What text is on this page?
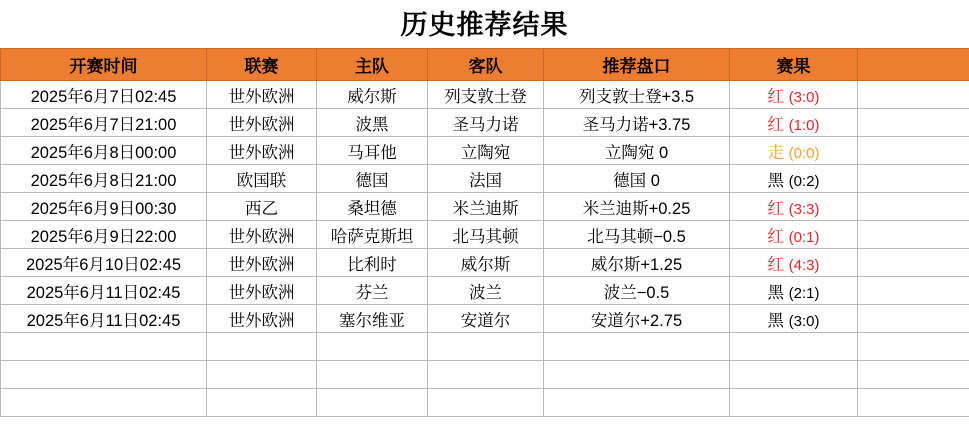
历史推荐结果
开赛时间	联赛	主队	客队	推荐盘口	赛果	
2025年6月7日02:45	世外欧洲	威尔斯	列支敦士登	列支敦士登+3.5	红 (3:0)	
2025年6月7日21:00	世外欧洲	波黑	圣马力诺	圣马力诺+3.75	红 (1:0)	
2025年6月8日00:00	世外欧洲	马耳他	立陶宛	立陶宛 0	走 (0:0)	
2025年6月8日21:00	欧国联	德国	法国	德国 0	黑 (0:2)	
2025年6月9日00:30	西乙	桑坦德	米兰迪斯	米兰迪斯+0.25	红 (3:3)	
2025年6月9日22:00	世外欧洲	哈萨克斯坦	北马其顿	北马其顿−0.5	红 (0:1)	
2025年6月10日02:45	世外欧洲	比利时	威尔斯	威尔斯+1.25	红 (4:3)	
2025年6月11日02:45	世外欧洲	芬兰	波兰	波兰−0.5	黑 (2:1)	
2025年6月11日02:45	世外欧洲	塞尔维亚	安道尔	安道尔+2.75	黑 (3:0)	
